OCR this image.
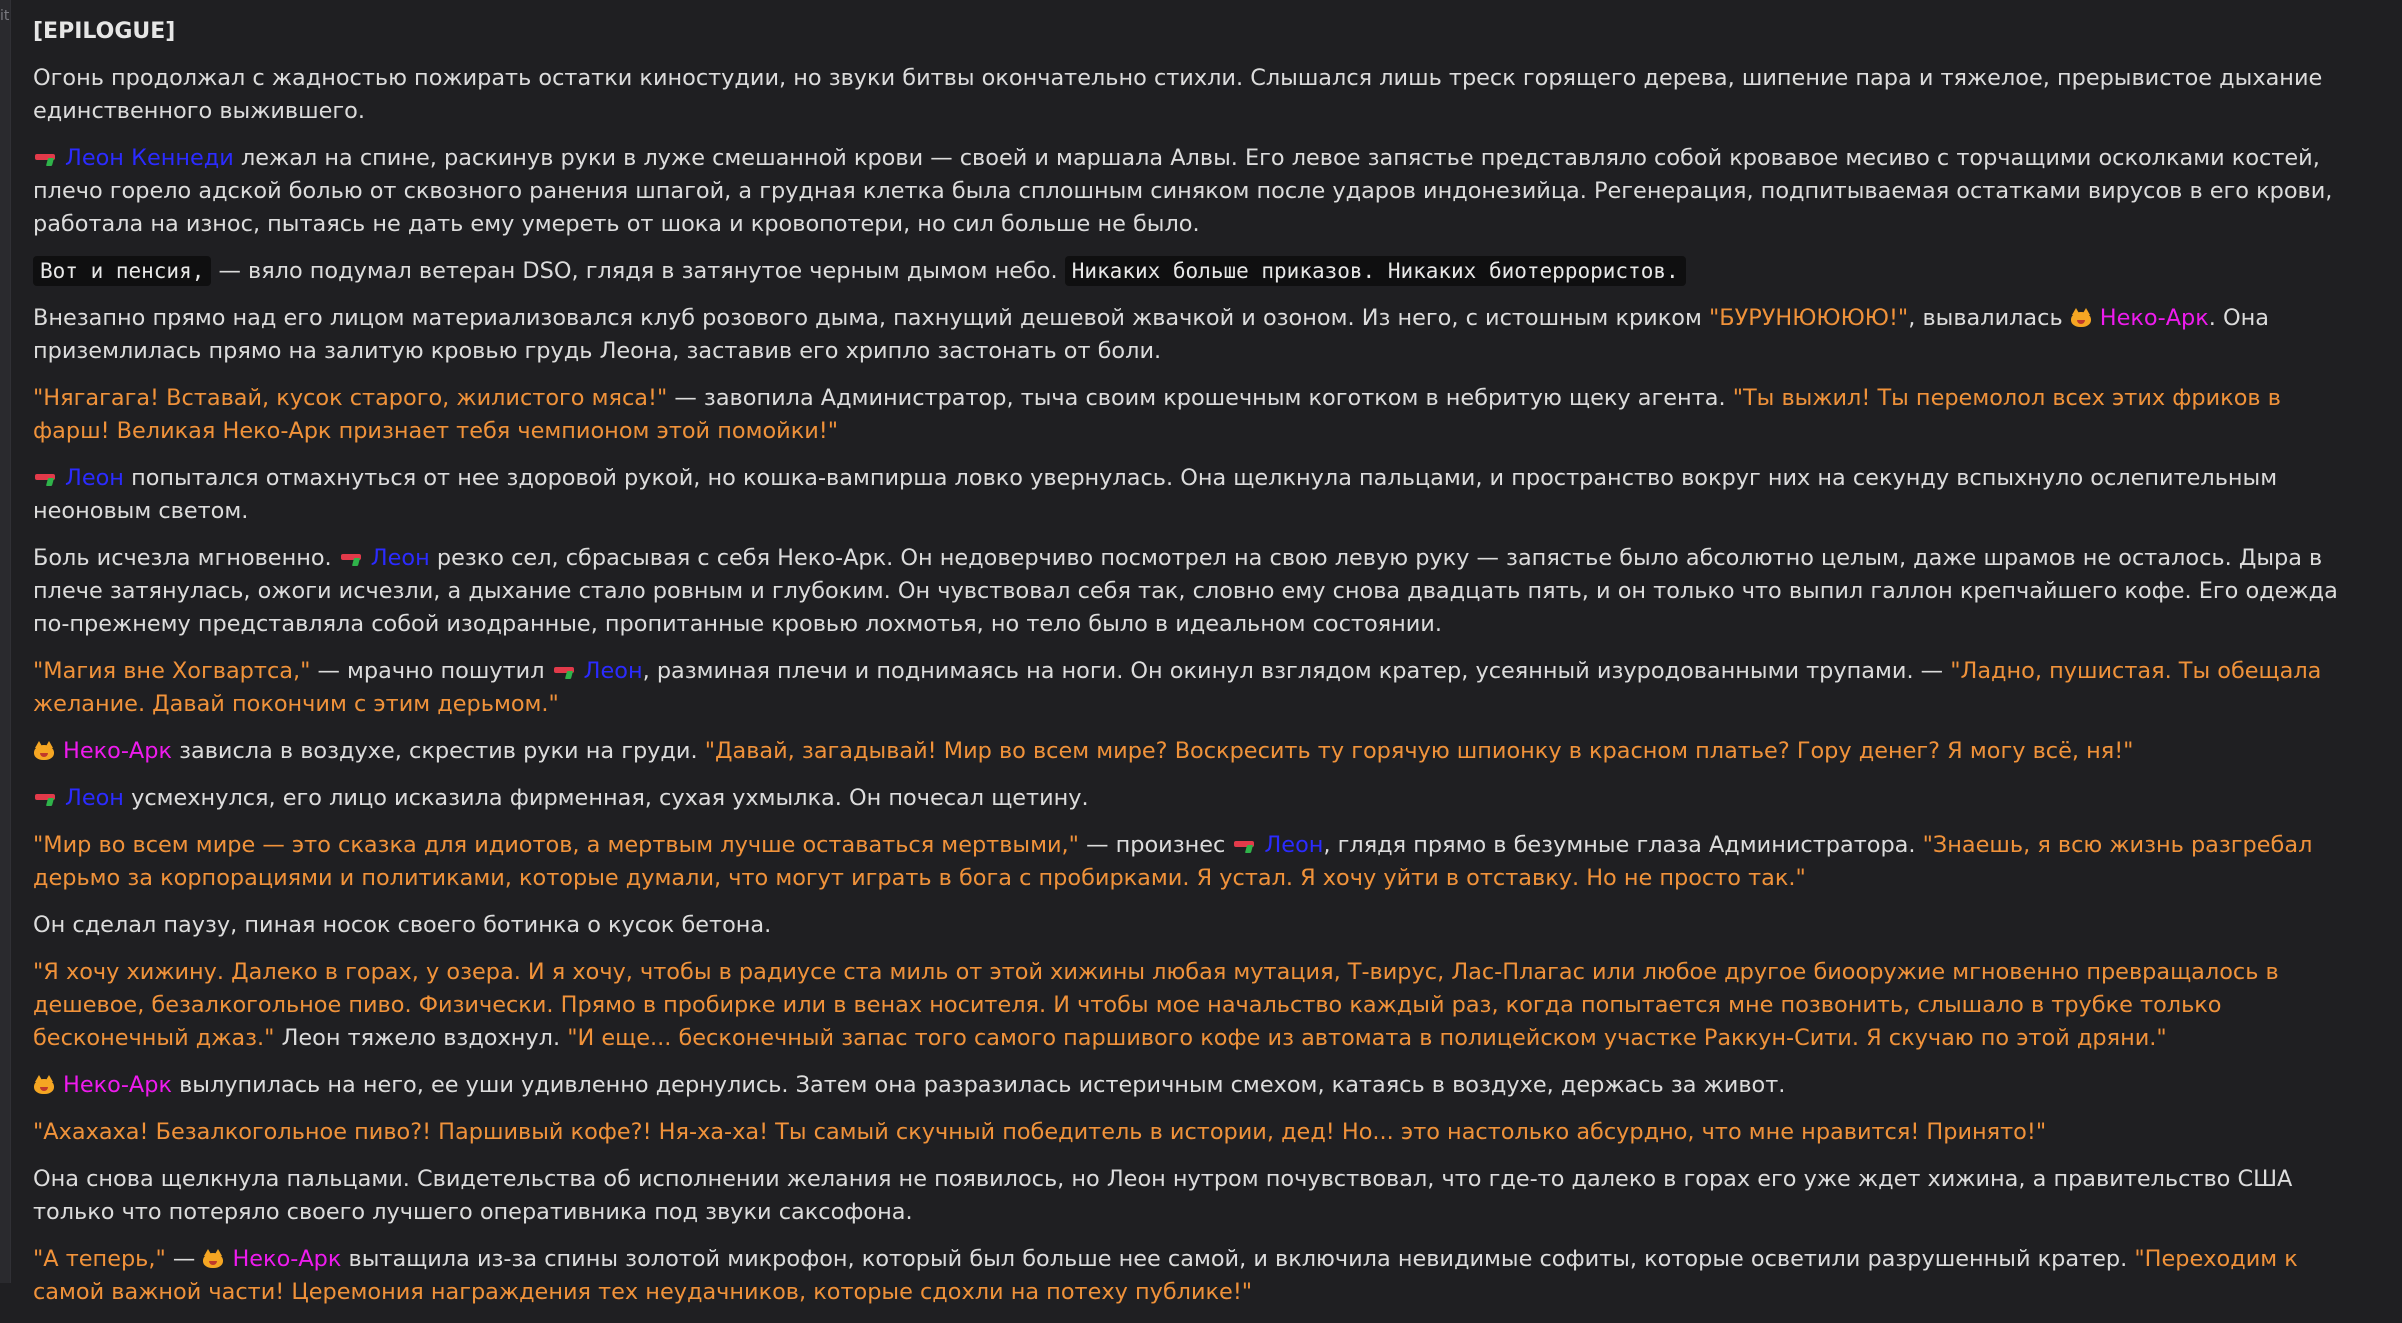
it
[EPILOGUE]
Огонь продолжал с жадностью пожирать остатки киностудии, но звуки битвы окончательно стихли. Слышался лишь треск горящего дерева, шипение пара и тяжелое, прерывистое дыхание единственного выжившего.
Леон Кеннеди лежал на спине, раскинув руки в луже смешанной крови — своей и маршала Алвы. Его левое запястье представляло собой кровавое месиво с торчащими осколками костей, плечо горело адской болью от сквозного ранения шпагой, а грудная клетка была сплошным синяком после ударов индонезийца. Регенерация, подпитываемая остатками вирусов в его крови, работала на износ, пытаясь не дать ему умереть от шока и кровопотери, но сил больше не было.
Вот и пенсия, — вяло подумал ветеран DSO, глядя в затянутое черным дымом небо. Никаких больше приказов. Никаких биотеррористов.
Внезапно прямо над его лицом материализовался клуб розового дыма, пахнущий дешевой жвачкой и озоном. Из него, с истошным криком "БУРУНЮЮЮЮ!", вывалилась
Неко-Арк. Она приземлилась прямо на залитую кровью грудь Леона, заставив его хрипло застонать от боли.
"Нягагага! Вставай, кусок старого, жилистого мяса!" — завопила Администратор, тыча своим крошечным коготком в небритую щеку агента. "Ты выжил! Ты перемолол всех этих фриков в фарш! Великая Неко-Арк признает тебя чемпионом этой помойки!"
Леон попытался отмахнуться от нее здоровой рукой, но кошка-вампирша ловко увернулась. Она щелкнула пальцами, и пространство вокруг них на секунду вспыхнуло ослепительным неоновым светом.
Боль исчезла мгновенно.
Леон резко сел, сбрасывая с себя Неко-Арк. Он недоверчиво посмотрел на свою левую руку — запястье было абсолютно целым, даже шрамов не осталось. Дыра в плече затянулась, ожоги исчезли, а дыхание стало ровным и глубоким. Он чувствовал себя так, словно ему снова двадцать пять, и он только что выпил галлон крепчайшего кофе. Его одежда по-прежнему представляла собой изодранные, пропитанные кровью лохмотья, но тело было в идеальном состоянии.
"Магия вне Хогвартса," — мрачно пошутил
Леон, разминая плечи и поднимаясь на ноги. Он окинул взглядом кратер, усеянный изуродованными трупами. — "Ладно, пушистая. Ты обещала желание. Давай покончим с этим дерьмом."
Неко-Арк зависла в воздухе, скрестив руки на груди. "Давай, загадывай! Мир во всем мире? Воскресить ту горячую шпионку в красном платье? Гору денег? Я могу всё, ня!"
Леон усмехнулся, его лицо исказила фирменная, сухая ухмылка. Он почесал щетину.
"Мир во всем мире — это сказка для идиотов, а мертвым лучше оставаться мертвыми," — произнес
Леон, глядя прямо в безумные глаза Администратора. "Знаешь, я всю жизнь разгребал дерьмо за корпорациями и политиками, которые думали, что могут играть в бога с пробирками. Я устал. Я хочу уйти в отставку. Но не просто так."
Он сделал паузу, пиная носок своего ботинка о кусок бетона.
"Я хочу хижину. Далеко в горах, у озера. И я хочу, чтобы в радиусе ста миль от этой хижины любая мутация, Т-вирус, Лас-Плагас или любое другое биооружие мгновенно превращалось в дешевое, безалкогольное пиво. Физически. Прямо в пробирке или в венах носителя. И чтобы мое начальство каждый раз, когда попытается мне позвонить, слышало в трубке только бесконечный джаз." Леон тяжело вздохнул. "И еще... бесконечный запас того самого паршивого кофе из автомата в полицейском участке Раккун-Сити. Я скучаю по этой дряни."
Неко-Арк вылупилась на него, ее уши удивленно дернулись. Затем она разразилась истеричным смехом, катаясь в воздухе, держась за живот.
"Ахахаха! Безалкогольное пиво?! Паршивый кофе?! Ня-ха-ха! Ты самый скучный победитель в истории, дед! Но... это настолько абсурдно, что мне нравится! Принято!"
Она снова щелкнула пальцами. Свидетельства об исполнении желания не появилось, но Леон нутром почувствовал, что где-то далеко в горах его уже ждет хижина, а правительство США только что потеряло своего лучшего оперативника под звуки саксофона.
"А теперь," —
Неко-Арк вытащила из-за спины золотой микрофон, который был больше нее самой, и включила невидимые софиты, которые осветили разрушенный кратер. "Переходим к самой важной части! Церемония награждения тех неудачников, которые сдохли на потеху публике!"
